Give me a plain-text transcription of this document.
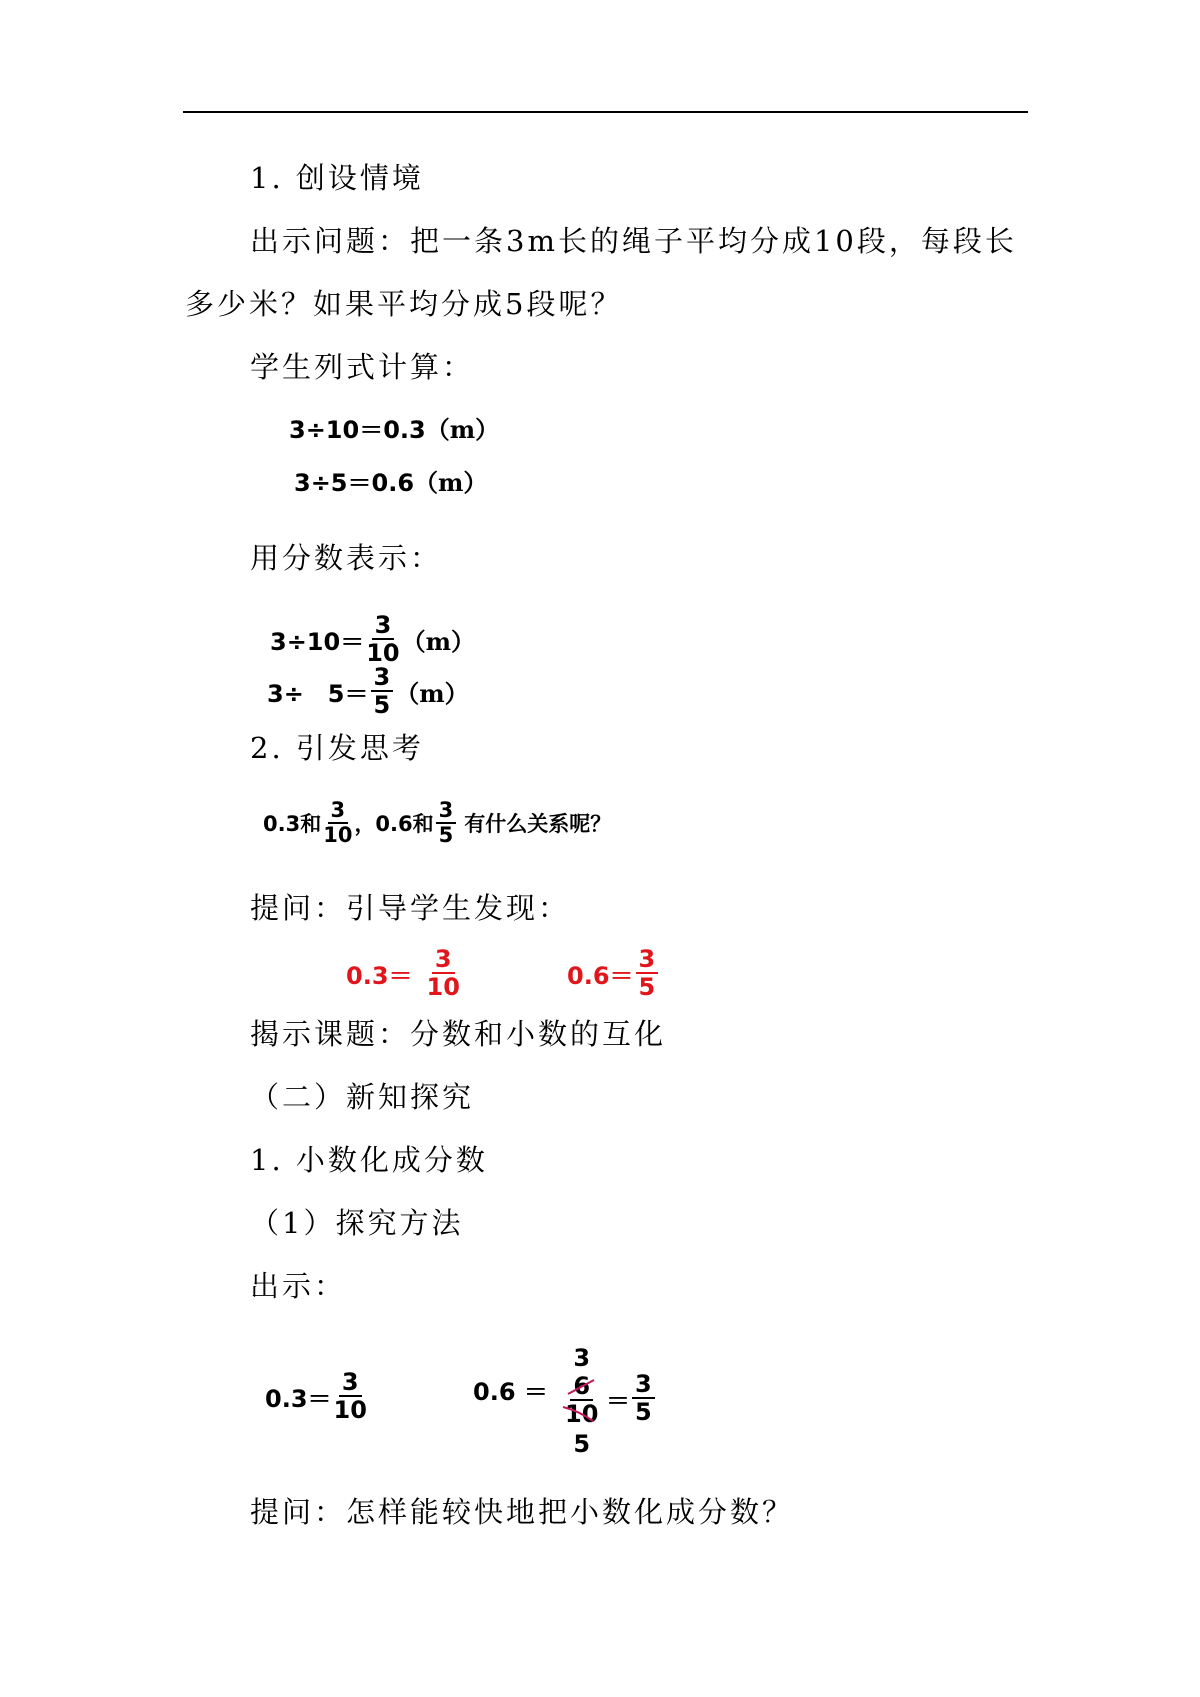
1. 创设情境
出示问题：把一条3m长的绳子平均分成10段，每段长
多少米？如果平均分成5段呢？
学生列式计算：
3÷10＝0.3 （m）
3÷5＝0.6 （m）
用分数表示：
$3\div 10= \frac{3}{10} (m)$
3÷　$5= \frac{3}{5} (m)$
2. 引发思考
0.3和 $\frac{3}{10}$ ，0.6和 $\frac{3}{5}$ 有什么关系呢？
提问：引导学生发现：
$0.3= \frac{3}{10}$	$0.6= \frac{3}{5}$
揭示课题：分数和小数的互化
（二）新知探究
1. 小数化成分数
（1）探究方法
出示：
$0.3= \frac{3}{10}$	0.6 ＝
3
$\frac{6}{10}$
5
＝ $\frac{3}{5}$
提问：怎样能较快地把小数化成分数？
